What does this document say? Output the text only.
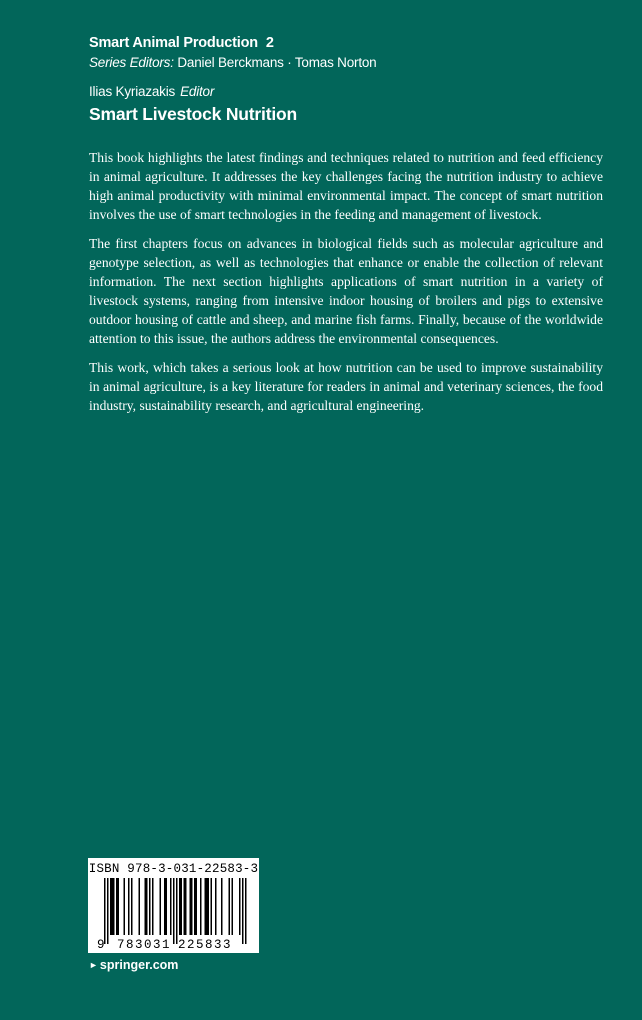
Smart Animal Production 2
Series Editors: Daniel Berckmans · Tomas Norton
Ilias Kyriazakis Editor
Smart Livestock Nutrition

This book highlights the latest findings and techniques related to nutrition and feed efficiency in animal agriculture. It addresses the key challenges facing the nutrition industry to achieve high animal productivity with minimal environmental impact. The concept of smart nutrition involves the use of smart technologies in the feeding and management of livestock.

The first chapters focus on advances in biological fields such as molecular agriculture and genotype selection, as well as technologies that enhance or enable the collection of relevant information. The next section highlights applications of smart nutrition in a variety of livestock systems, ranging from intensive indoor housing of broilers and pigs to extensive outdoor housing of cattle and sheep, and marine fish farms. Finally, because of the worldwide attention to this issue, the authors address the environmental consequences.

This work, which takes a serious look at how nutrition can be used to improve sustainability in animal agriculture, is a key literature for readers in animal and veterinary sciences, the food industry, sustainability research, and agricultural engineering.

ISBN 978-3-031-22583-3
9 783031 225833
► springer.com
